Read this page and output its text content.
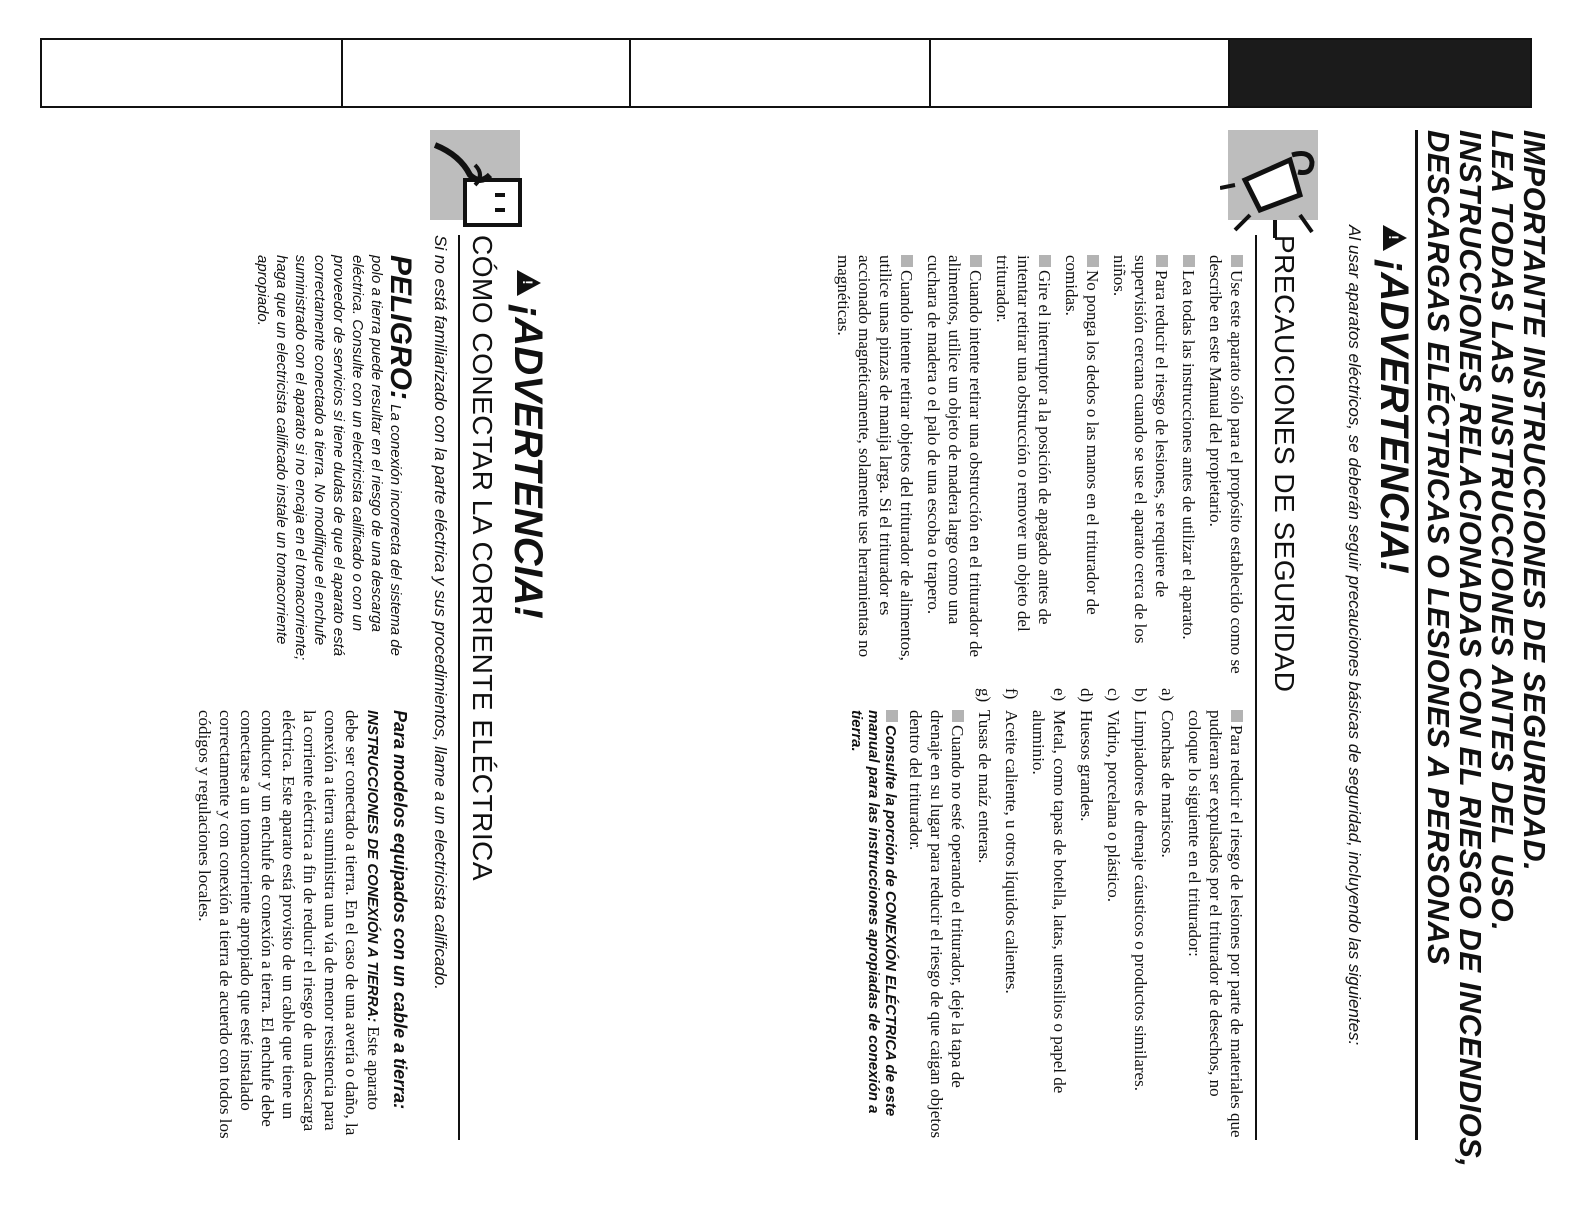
IMPORTANTE INSTRUCCIONES DE SEGURIDAD.
LEA TODAS LAS INSTRUCCIONES ANTES DEL USO.
INSTRUCCIONES RELACIONADAS CON EL RIESGO DE INCENDIOS,
DESCARGAS ELÉCTRICAS O LESIONES A PERSONAS
!¡ADVERTENCIA!
Al usar aparatos eléctricos, se deberán seguir precauciones básicas de seguridad, incluyendo las siguientes:
PRECAUCIONES DE SEGURIDAD

Use este aparato sólo para el propósito establecido como se describe en este Manual del propietario.

Lea todas las instrucciones antes de utilizar el aparato.

Para reducir el riesgo de lesiones, se requiere de supervisión cercana cuando se use el aparato cerca de los niños.

No ponga los dedos o las manos en el triturador de comidas.

Gire el interruptor a la posición de apagado antes de intentar retirar una obstrucción o remover un objeto del triturador.

Cuando intente retirar una obstrucción en el triturador de alimentos, utilice un objeto de madera largo como una cuchara de madera o el palo de una escoba o trapero.

Cuando intente retirar objetos del triturador de alimentos, utilice unas pinzas de manija larga. Si el triturador es accionado magnéticamente, solamente use herramientas no magnéticas.

Para reducir el riesgo de lesiones por parte de materiales que pudieran ser expulsados por el triturador de desechos, no coloque lo siguiente en el triturador:

a)Conchas de mariscos.

b)Limpiadores de drenaje cáusticos o productos similares.

c)Vidrio, porcelana o plástico.

d)Huesos grandes.

e)Metal, como tapas de botella, latas, utensilios o papel de aluminio.

f)Aceite caliente, u otros líquidos calientes.

g)Tusas de maíz enteras.

Cuando no esté operando el triturador, deje la tapa de drenaje en su lugar para reducir el riesgo de que caigan objetos dentro del triturador.

Consulte la porción de CONEXIÓN ELÉCTRICA de este manual para las instrucciones apropiadas de conexión a tierra.

!¡ADVERTENCIA!
CÓMO CONECTAR LA CORRIENTE ELÉCTRICA
Si no está familiarizado con la parte eléctrica y sus procedimientos, llame a un electricista calificado.
PELIGRO: La conexión incorrecta del sistema de polo a tierra puede resultar en el riesgo de una descarga eléctrica. Consulte con un electricista calificado o con un proveedor de servicios si tiene dudas de que el aparato está correctamente conectado a tierra. No modifique el enchufe suministrado con el aparato si no encaja en el tomacorriente; haga que un electricista calificado instale un tomacorriente apropiado.

Para modelos equipados con un cable a tierra:

INSTRUCCIONES DE CONEXIÓN A TIERRA: Este aparato debe ser conectado a tierra. En el caso de una avería o daño, la conexión a tierra suministra una vía de menor resistencia para la corriente eléctrica a fin de reducir el riesgo de una descarga eléctrica. Este aparato está provisto de un cable que tiene un conductor y un enchufe de conexión a tierra. El enchufe debe conectarse a un tomacorriente apropiado que esté instalado correctamente y con conexión a tierra de acuerdo con todos los códigos y regulaciones locales.
